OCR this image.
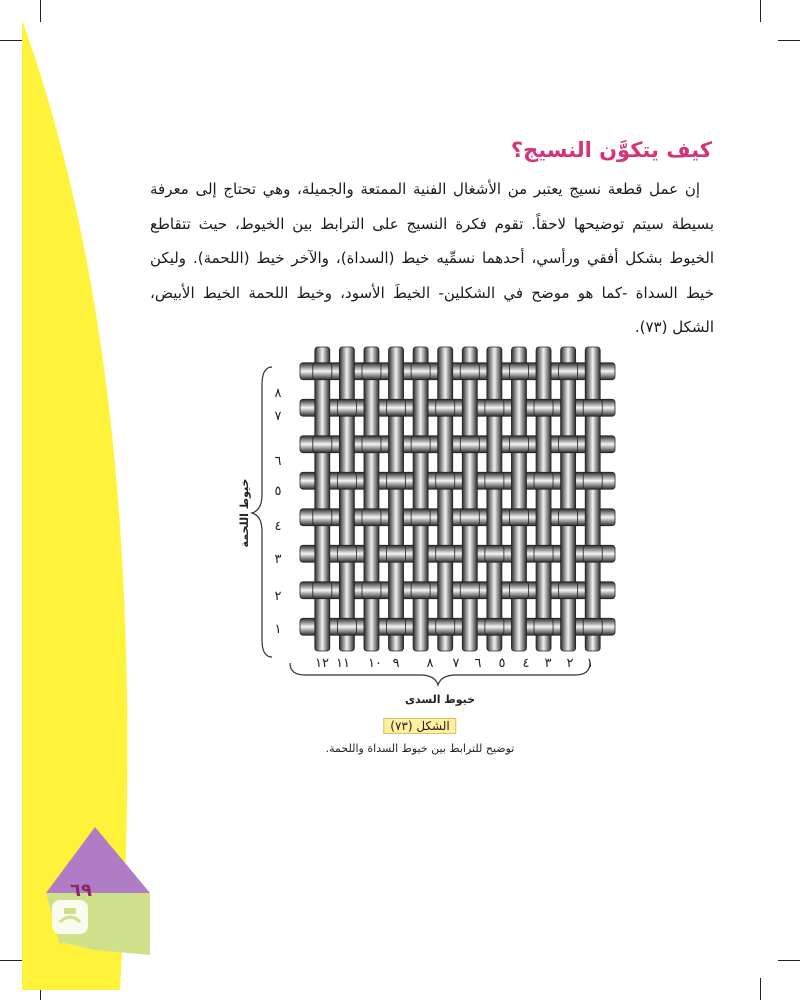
كيف يتكوَّن النسيج؟

إن عمل قطعة نسيج يعتبر من الأشغال الفنية الممتعة والجميلة، وهي تحتاج إلى معرفة بسيطة سيتم توضيحها لاحقاً. تقوم فكرة النسيج على الترابط بين الخيوط، حيث تتقاطع الخيوط بشكل أفقي ورأسي، أحدهما نسمِّيه خيط (السداة)، والآخر خيط (اللحمة). وليكن خيط السداة -كما هو موضح في الشكلين- الخيطَ الأسود، وخيط اللحمة الخيط الأبيض، الشكل (٧٣).

خيوط اللحمة
٨
٧
٦
٥
٤
٣
٢
١
خيوط السدى
١٢ ١١ ١٠ ٩ ٨ ٧ ٦ ٥ ٤ ٣ ٢ ١
الشكل (٧٣)
توضيح للترابط بين خيوط السداة واللحمة.
٦٩
